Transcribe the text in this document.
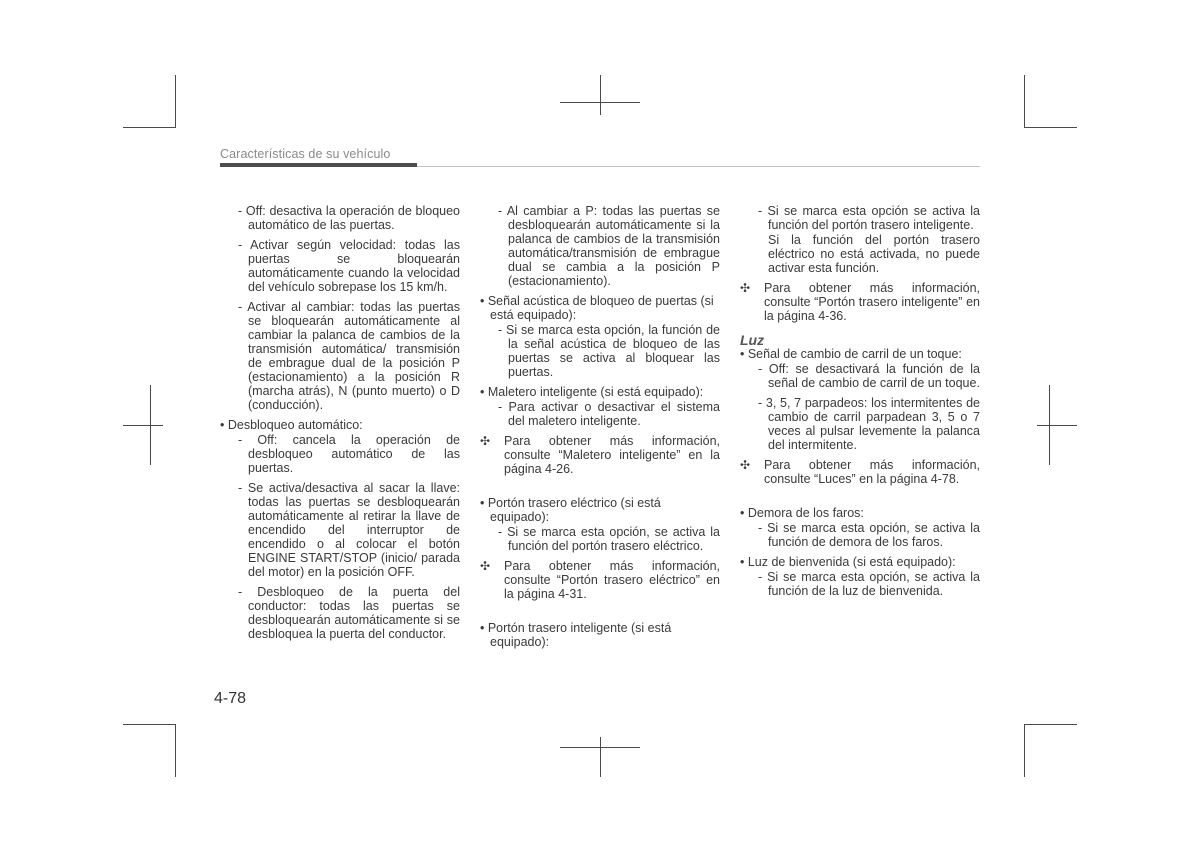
Características de su vehículo

- Off: desactiva la operación de bloqueo automático de las puertas.

- Activar según velocidad: todas las puertas se bloquearán automáticamente cuando la velocidad del vehículo sobrepase los 15 km/h.

- Activar al cambiar: todas las puertas se bloquearán automáticamente al cambiar la palanca de cambios de la transmisión automática/ transmisión de embrague dual de la posición P (estacionamiento) a la posición R (marcha atrás), N (punto muerto) o D (conducción).

• Desbloqueo automático:

- Off: cancela la operación de desbloqueo automático de las puertas.

- Se activa/desactiva al sacar la llave: todas las puertas se desbloquearán automáticamente al retirar la llave de encendido del interruptor de encendido o al colocar el botón ENGINE START/STOP (inicio/ parada del motor) en la posición OFF.

- Desbloqueo de la puerta del conductor: todas las puertas se desbloquearán automáticamente si se desbloquea la puerta del conductor.

- Al cambiar a P: todas las puertas se desbloquearán automáticamente si la palanca de cambios de la transmisión automática/transmisión de embrague dual se cambia a la posición P (estacionamiento).

• Señal acústica de bloqueo de puertas (si está equipado):

- Si se marca esta opción, la función de la señal acústica de bloqueo de las puertas se activa al bloquear las puertas.

• Maletero inteligente (si está equipado):

- Para activar o desactivar el sistema del maletero inteligente.

✣	Para obtener más información, consulte “Maletero inteligente” en la página 4-26.

• Portón trasero eléctrico (si está equipado):

- Si se marca esta opción, se activa la función del portón trasero eléctrico.

✣	Para obtener más información, consulte “Portón trasero eléctrico” en la página 4-31.

• Portón trasero inteligente (si está equipado):

- Si se marca esta opción se activa la función del portón trasero inteligente.

Si la función del portón trasero eléctrico no está activada, no puede activar esta función.

✣	Para obtener más información, consulte “Portón trasero inteligente” en la página 4-36.

Luz

• Señal de cambio de carril de un toque:

- Off: se desactivará la función de la señal de cambio de carril de un toque.

- 3, 5, 7 parpadeos: los intermitentes de cambio de carril parpadean 3, 5 o 7 veces al pulsar levemente la palanca del intermitente.

✣	Para obtener más información, consulte “Luces” en la página 4-78.

• Demora de los faros:

- Si se marca esta opción, se activa la función de demora de los faros.

• Luz de bienvenida (si está equipado):

- Si se marca esta opción, se activa la función de la luz de bienvenida.

4-78
